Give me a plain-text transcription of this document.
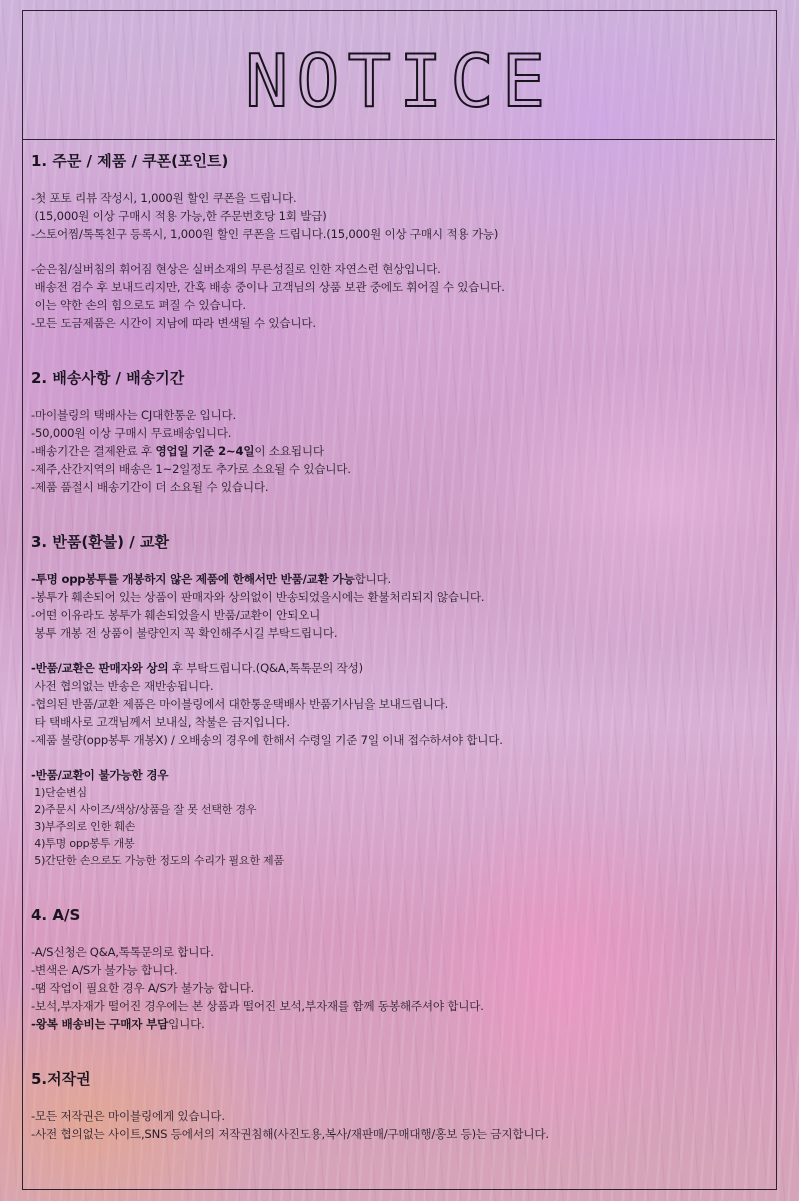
NOTICE
1. 주문 / 제품 / 쿠폰(포인트)
-첫 포토 리뷰 작성시, 1,000원 할인 쿠폰을 드립니다.
(15,000원 이상 구매시 적용 가능,한 주문번호당 1회 발급)
-스토어찜/톡톡친구 등록시, 1,000원 할인 쿠폰을 드립니다.(15,000원 이상 구매시 적용 가능)
-순은침/실버침의 휘어짐 현상은 실버소재의 무른성질로 인한 자연스런 현상입니다.
배송전 검수 후 보내드리지만, 간혹 배송 중이나 고객님의 상품 보관 중에도 휘어질 수 있습니다.
이는 약한 손의 힘으로도 펴질 수 있습니다.
-모든 도금제품은 시간이 지남에 따라 변색될 수 있습니다.
2. 배송사항 / 배송기간
-마이블링의 택배사는 CJ대한통운 입니다.
-50,000원 이상 구매시 무료배송입니다.
-배송기간은 결제완료 후 영업일 기준 2~4일이 소요됩니다
-제주,산간지역의 배송은 1~2일정도 추가로 소요될 수 있습니다.
-제품 품절시 배송기간이 더 소요될 수 있습니다.
3. 반품(환불) / 교환
-투명 opp봉투를 개봉하지 않은 제품에 한해서만 반품/교환 가능합니다.
-봉투가 훼손되어 있는 상품이 판매자와 상의없이 반송되었을시에는 환불처리되지 않습니다.
-어떤 이유라도 봉투가 훼손되었을시 반품/교환이 안되오니
봉투 개봉 전 상품이 불량인지 꼭 확인해주시길 부탁드립니다.
-반품/교환은 판매자와 상의 후 부탁드립니다.(Q&A,톡톡문의 작성)
사전 협의없는 반송은 재반송됩니다.
-협의된 반품/교환 제품은 마이블링에서 대한통운택배사 반품기사님을 보내드립니다.
타 택배사로 고객님께서 보내실, 착불은 금지입니다.
-제품 불량(opp봉투 개봉X) / 오배송의 경우에 한해서 수령일 기준 7일 이내 접수하셔야 합니다.
-반품/교환이 불가능한 경우
1)단순변심
2)주문시 사이즈/색상/상품을 잘 못 선택한 경우
3)부주의로 인한 훼손
4)투명 opp봉투 개봉
5)간단한 손으로도 가능한 정도의 수리가 필요한 제품
4. A/S
-A/S신청은 Q&A,톡톡문의로 합니다.
-변색은 A/S가 불가능 합니다.
-땜 작업이 필요한 경우 A/S가 불가능 합니다.
-보석,부자재가 떨어진 경우에는 본 상품과 떨어진 보석,부자재를 함께 동봉해주셔야 합니다.
-왕복 배송비는 구매자 부담입니다.
5.저작권
-모든 저작권은 마이블링에게 있습니다.
-사전 협의없는 사이트,SNS 등에서의 저작권침해(사진도용,복사/재판매/구매대행/홍보 등)는 금지합니다.
